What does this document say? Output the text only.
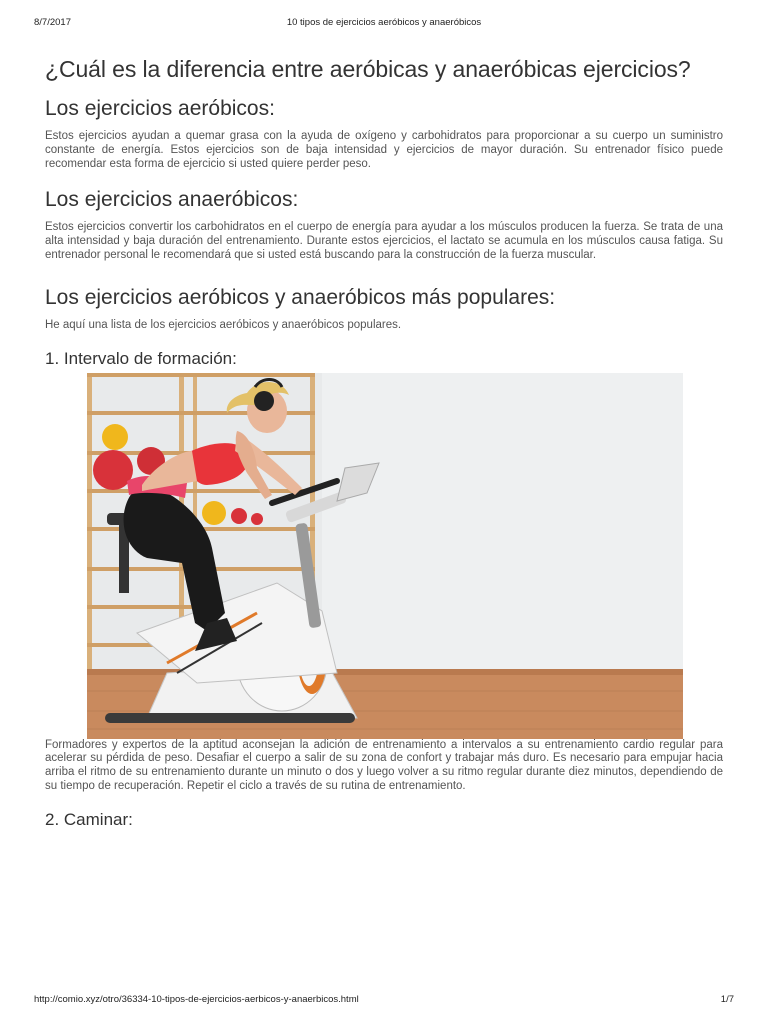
8/7/2017	10 tipos de ejercicios aeróbicos y anaeróbicos
¿Cuál es la diferencia entre aeróbicas y anaeróbicas ejercicios?
Los ejercicios aeróbicos:

Estos ejercicios ayudan a quemar grasa con la ayuda de oxígeno y carbohidratos para proporcionar a su cuerpo un suministro constante de energía. Estos ejercicios son de baja intensidad y ejercicios de mayor duración. Su entrenador físico puede recomendar esta forma de ejercicio si usted quiere perder peso.

Los ejercicios anaeróbicos:

Estos ejercicios convertir los carbohidratos en el cuerpo de energía para ayudar a los músculos producen la fuerza. Se trata de una alta intensidad y baja duración del entrenamiento. Durante estos ejercicios, el lactato se acumula en los músculos causa fatiga. Su entrenador personal le recomendará que si usted está buscando para la construcción de la fuerza muscular.

Los ejercicios aeróbicos y anaeróbicos más populares:

He aquí una lista de los ejercicios aeróbicos y anaeróbicos populares.

1. Intervalo de formación:

Formadores y expertos de la aptitud aconsejan la adición de entrenamiento a intervalos a su entrenamiento cardio regular para acelerar su pérdida de peso. Desafiar el cuerpo a salir de su zona de confort y trabajar más duro. Es necesario para empujar hacia arriba el ritmo de su entrenamiento durante un minuto o dos y luego volver a su ritmo regular durante diez minutos, dependiendo de su tiempo de recuperación. Repetir el ciclo a través de su rutina de entrenamiento.

2. Caminar:
http://comio.xyz/otro/36334-10-tipos-de-ejercicios-aerbicos-y-anaerbicos.html	1/7
